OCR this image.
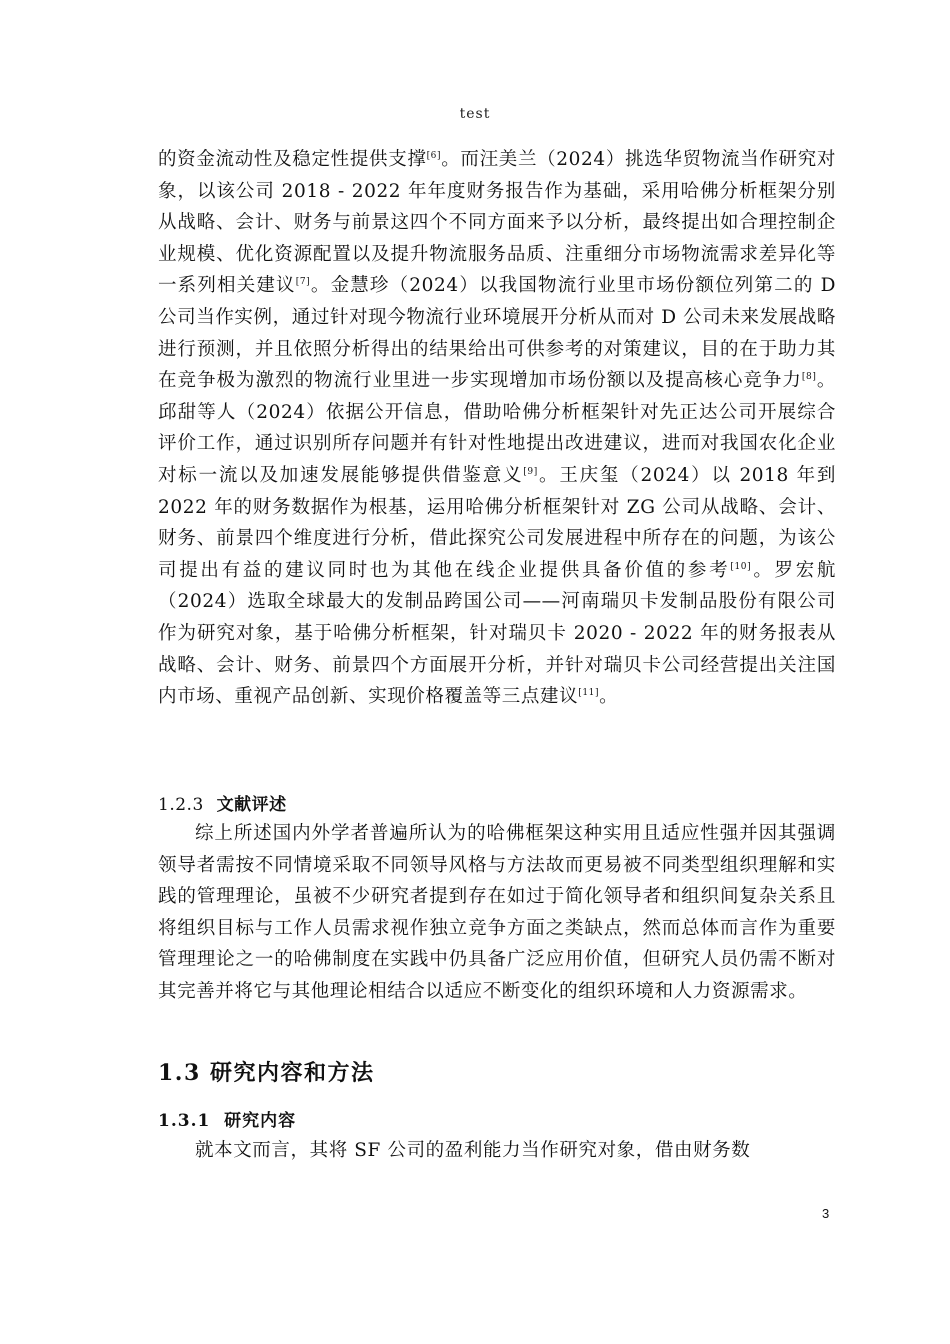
test
的资金流动性及稳定性提供支撑[6]。而汪美兰（2024）挑选华贸物流当作研究对象，以该公司 2018 - 2022 年年度财务报告作为基础，采用哈佛分析框架分别从战略、会计、财务与前景这四个不同方面来予以分析，最终提出如合理控制企业规模、优化资源配置以及提升物流服务品质、注重细分市场物流需求差异化等一系列相关建议[7]。金慧珍（2024）以我国物流行业里市场份额位列第二的 D 公司当作实例，通过针对现今物流行业环境展开分析从而对 D 公司未来发展战略进行预测，并且依照分析得出的结果给出可供参考的对策建议，目的在于助力其在竞争极为激烈的物流行业里进一步实现增加市场份额以及提高核心竞争力[8]。邱甜等人（2024）依据公开信息，借助哈佛分析框架针对先正达公司开展综合评价工作，通过识别所存问题并有针对性地提出改进建议，进而对我国农化企业对标一流以及加速发展能够提供借鉴意义[9]。王庆玺（2024）以 2018 年到 2022 年的财务数据作为根基，运用哈佛分析框架针对 ZG 公司从战略、会计、财务、前景四个维度进行分析，借此探究公司发展进程中所存在的问题，为该公司提出有益的建议同时也为其他在线企业提供具备价值的参考[10]。罗宏航（2024）选取全球最大的发制品跨国公司——河南瑞贝卡发制品股份有限公司作为研究对象，基于哈佛分析框架，针对瑞贝卡 2020 - 2022 年的财务报表从战略、会计、财务、前景四个方面展开分析，并针对瑞贝卡公司经营提出关注国内市场、重视产品创新、实现价格覆盖等三点建议[11]。
1.2.3 文献评述
综上所述国内外学者普遍所认为的哈佛框架这种实用且适应性强并因其强调领导者需按不同情境采取不同领导风格与方法故而更易被不同类型组织理解和实践的管理理论，虽被不少研究者提到存在如过于简化领导者和组织间复杂关系且将组织目标与工作人员需求视作独立竞争方面之类缺点，然而总体而言作为重要管理理论之一的哈佛制度在实践中仍具备广泛应用价值，但研究人员仍需不断对其完善并将它与其他理论相结合以适应不断变化的组织环境和人力资源需求。
1.3 研究内容和方法
1.3.1 研究内容
就本文而言，其将 SF 公司的盈利能力当作研究对象，借由财务数
3
